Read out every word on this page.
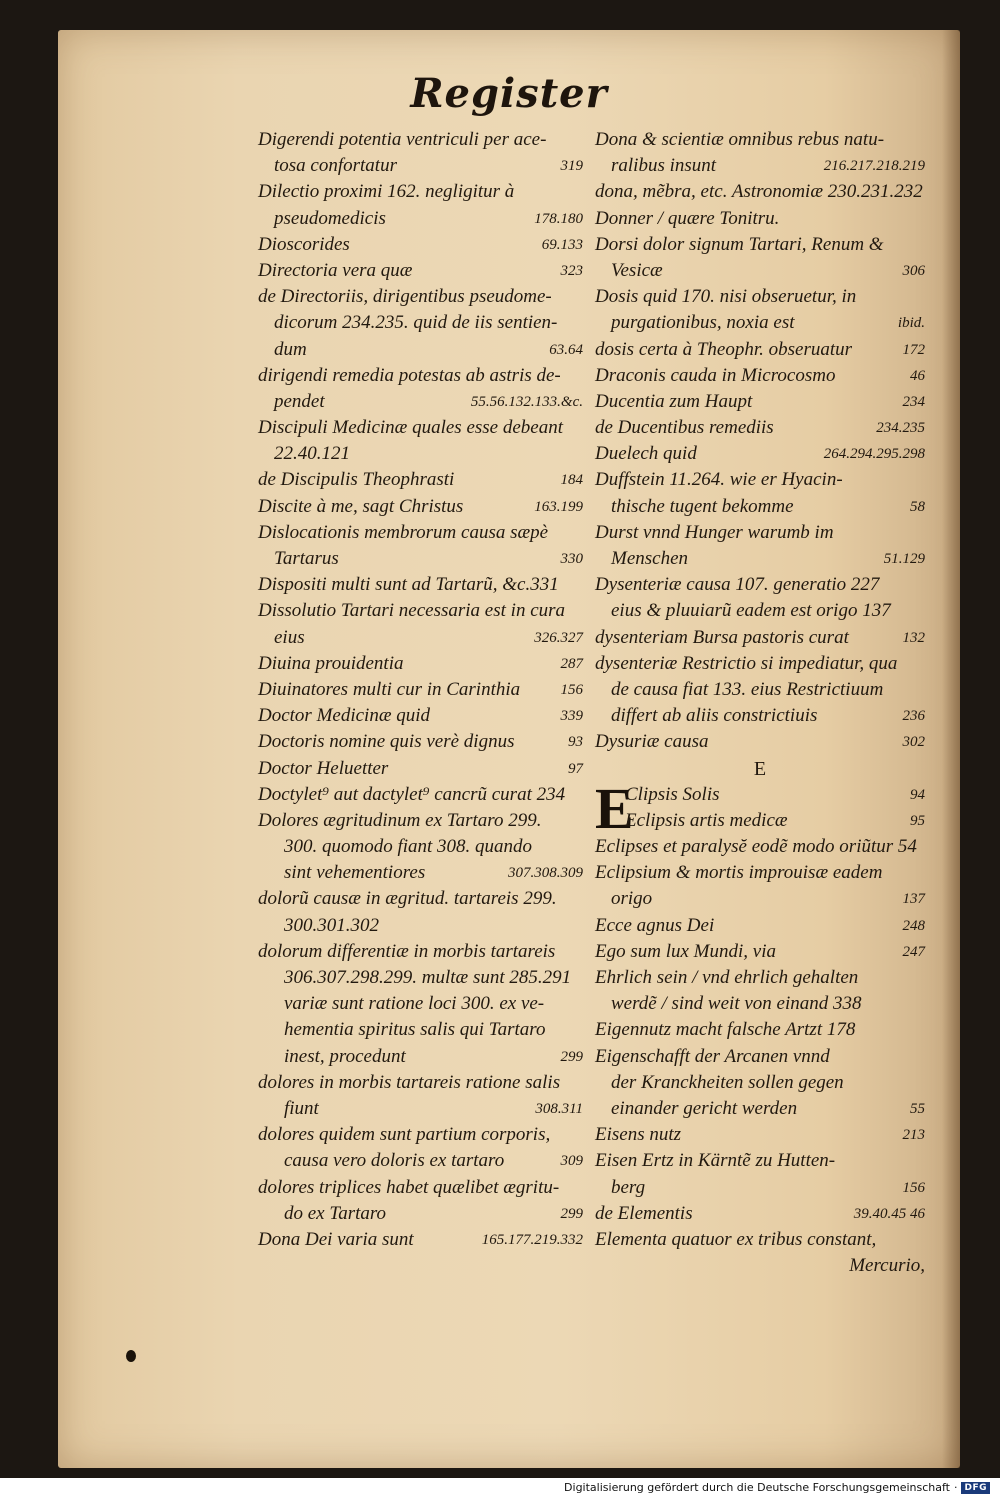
Register
Digerendi potentia ventriculi per ace-
tosa confortatur	319
Dilectio proximi 162. negligitur à
pseudomedicis	178.180
Dioscorides	69.133
Directoria vera quæ	323
de Directoriis, dirigentibus pseudome-
dicorum 234.235. quid de iis sentien-
dum	63.64
dirigendi remedia potestas ab astris de-
pendet	55.56.132.133.&c.
Discipuli Medicinæ quales esse debeant
22.40.121
de Discipulis Theophrasti	184
Discite à me, sagt Christus	163.199
Dislocationis membrorum causa sæpè
Tartarus	330
Dispositi multi sunt ad Tartarũ, &c.331
Dissolutio Tartari necessaria est in cura
eius	326.327
Diuina prouidentia	287
Diuinatores multi cur in Carinthia	156
Doctor Medicinæ quid	339
Doctoris nomine quis verè dignus	93
Doctor Heluetter	97
Doctylet⁹ aut dactylet⁹ cancrũ curat 234
Dolores ægritudinum ex Tartaro 299.
300. quomodo fiant 308. quando
sint vehementiores	307.308.309
dolorũ causæ in ægritud. tartareis 299.
300.301.302
dolorum differentiæ in morbis tartareis
306.307.298.299. multæ sunt 285.291
variæ sunt ratione loci 300. ex ve-
hementia spiritus salis qui Tartaro
inest, procedunt	299
dolores in morbis tartareis ratione salis
fiunt	308.311
dolores quidem sunt partium corporis,
causa vero doloris ex tartaro	309
dolores triplices habet quælibet ægritu-
do ex Tartaro	299
Dona Dei varia sunt	165.177.219.332
Dona & scientiæ omnibus rebus natu-
ralibus insunt	216.217.218.219
dona, mẽbra, etc. Astronomiæ 230.231.232
Donner / quære Tonitru.
Dorsi dolor signum Tartari, Renum &
Vesicæ	306
Dosis quid 170. nisi obseruetur, in
purgationibus, noxia est	ibid.
dosis certa à Theophr. obseruatur	172
Draconis cauda in Microcosmo	46
Ducentia zum Haupt	234
de Ducentibus remediis	234.235
Duelech quid	264.294.295.298
Duffstein 11.264. wie er Hyacin-
thische tugent bekomme	58
Durst vnnd Hunger warumb im
Menschen	51.129
Dysenteriæ causa 107. generatio 227
eius & pluuiarũ eadem est origo 137
dysenteriam Bursa pastoris curat	132
dysenteriæ Restrictio si impediatur, qua
de causa fiat 133. eius Restrictiuum
differt ab aliis constrictiuis	236
Dysuriæ causa	302
E
E
Clipsis Solis	94
Eclipsis artis medicæ	95
Eclipses et paralysĕ eodẽ modo oriũtur 54
Eclipsium & mortis improuisæ eadem
origo	137
Ecce agnus Dei	248
Ego sum lux Mundi, via	247
Ehrlich sein / vnd ehrlich gehalten
werdẽ / sind weit von einand 338
Eigennutz macht falsche Artzt 178
Eigenschafft der Arcanen vnnd
der Kranckheiten sollen gegen
einander gericht werden	55
Eisens nutz	213
Eisen Ertz in Kärntẽ zu Hutten-
berg	156
de Elementis	39.40.45 46
Elementa quatuor ex tribus constant,
Mercurio,
Digitalisierung gefördert durch die Deutsche Forschungsgemeinschaft · DFG
